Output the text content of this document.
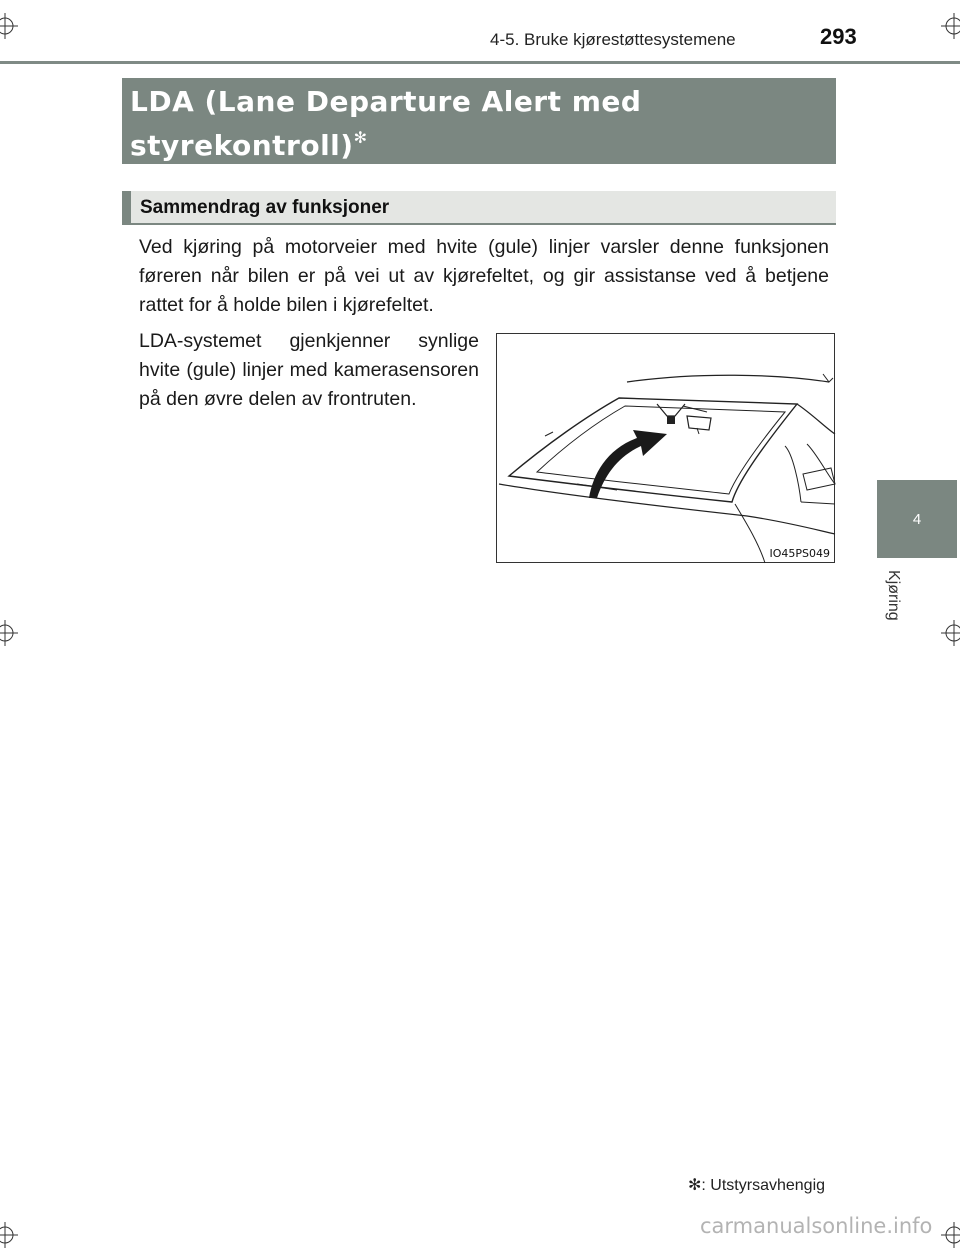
4-5. Bruke kjørestøttesystemene	293
4
Kjøring
LDA (Lane Departure Alert med
styrekontroll)✻
Sammendrag av funksjoner

Ved kjøring på motorveier med hvite (gule) linjer varsler denne funksjonen føreren når bilen er på vei ut av kjørefeltet, og gir assistanse ved å betjene rattet for å holde bilen i kjørefeltet.

LDA-systemet gjenkjenner synlige hvite (gule) linjer med kamerasensoren på den øvre delen av frontruten.

IO45PS049
✻: Utstyrsavhengig
carmanualsonline.info
